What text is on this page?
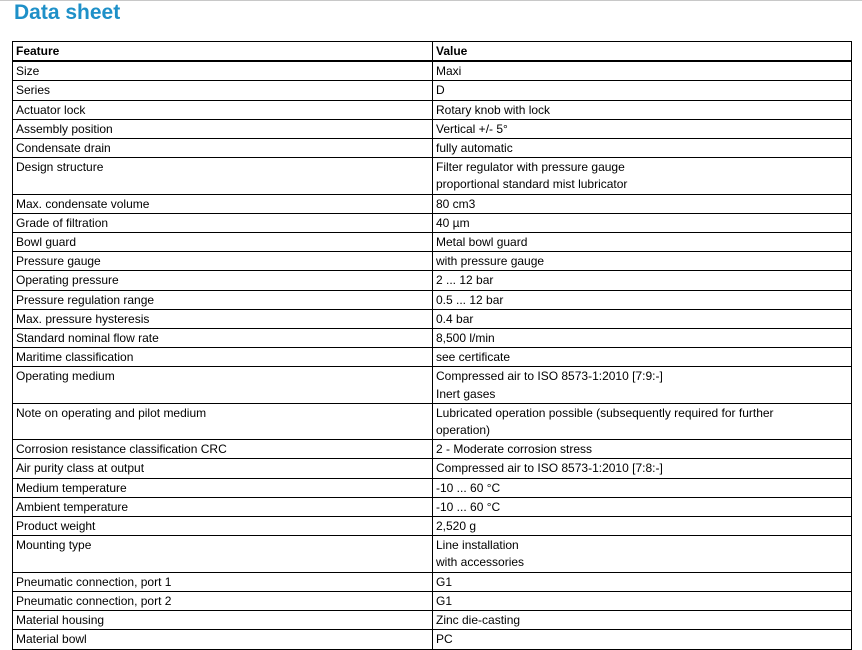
Data sheet
Feature	Value
Size	Maxi

Series	D

Actuator lock	Rotary knob with lock

Assembly position	Vertical +/- 5°

Condensate drain	fully automatic

Design structure	Filter regulator with pressure gauge
proportional standard mist lubricator

Max. condensate volume	80 cm3

Grade of filtration	40 µm

Bowl guard	Metal bowl guard

Pressure gauge	with pressure gauge

Operating pressure	2 ... 12 bar

Pressure regulation range	0.5 ... 12 bar

Max. pressure hysteresis	0.4 bar

Standard nominal flow rate	8,500 l/min

Maritime classification	see certificate

Operating medium	Compressed air to ISO 8573-1:2010 [7:9:-]
Inert gases

Note on operating and pilot medium	Lubricated operation possible (subsequently required for further
operation)

Corrosion resistance classification CRC	2 - Moderate corrosion stress

Air purity class at output	Compressed air to ISO 8573-1:2010 [7:8:-]

Medium temperature	-10 ... 60 °C

Ambient temperature	-10 ... 60 °C

Product weight	2,520 g

Mounting type	Line installation
with accessories

Pneumatic connection, port 1	G1

Pneumatic connection, port 2	G1

Material housing	Zinc die-casting

Material bowl	PC
